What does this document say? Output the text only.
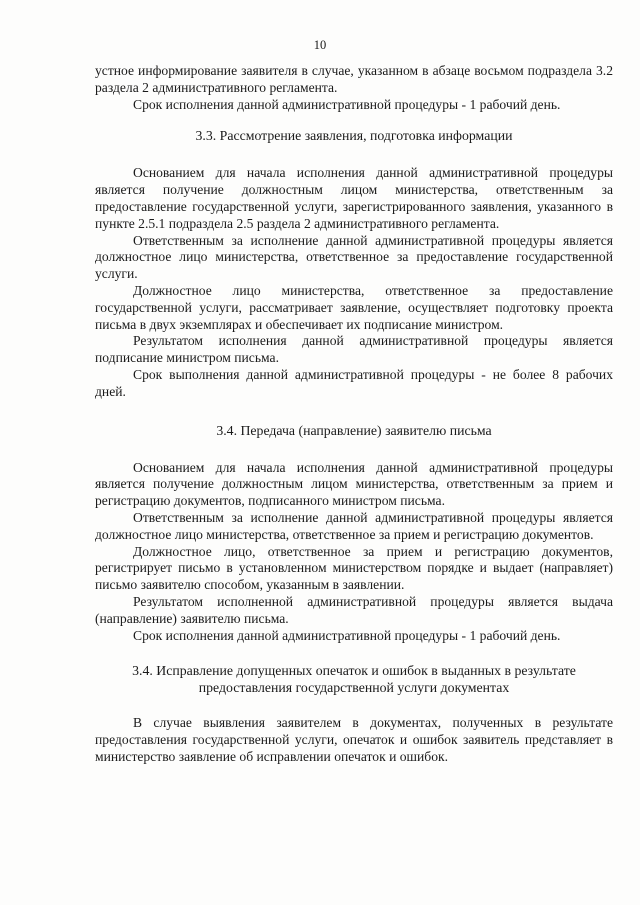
10

устное информирование заявителя в случае, указанном в абзаце восьмом подраздела 3.2 раздела 2 административного регламента.

Срок исполнения данной административной процедуры - 1 рабочий день.

3.3. Рассмотрение заявления, подготовка информации

Основанием для начала исполнения данной административной процедуры является получение должностным лицом министерства, ответственным за предоставление государственной услуги, зарегистрированного заявления, указанного в пункте 2.5.1 подраздела 2.5 раздела 2 административного регламента.

Ответственным за исполнение данной административной процедуры является должностное лицо министерства, ответственное за предоставление государственной услуги.

Должностное лицо министерства, ответственное за предоставление государственной услуги, рассматривает заявление, осуществляет подготовку проекта письма в двух экземплярах и обеспечивает их подписание министром.

Результатом исполнения данной административной процедуры является подписание министром письма.

Срок выполнения данной административной процедуры - не более 8 рабочих дней.

3.4. Передача (направление) заявителю письма

Основанием для начала исполнения данной административной процедуры является получение должностным лицом министерства, ответственным за прием и регистрацию документов, подписанного министром письма.

Ответственным за исполнение данной административной процедуры является должностное лицо министерства, ответственное за прием и регистрацию документов.

Должностное лицо, ответственное за прием и регистрацию документов, регистрирует письмо в установленном министерством порядке и выдает (направляет) письмо заявителю способом, указанным в заявлении.

Результатом исполненной административной процедуры является выдача (направление) заявителю письма.

Срок исполнения данной административной процедуры - 1 рабочий день.

3.4. Исправление допущенных опечаток и ошибок в выданных в результате предоставления государственной услуги документах

В случае выявления заявителем в документах, полученных в результате предоставления государственной услуги, опечаток и ошибок заявитель представляет в министерство заявление об исправлении опечаток и ошибок.
